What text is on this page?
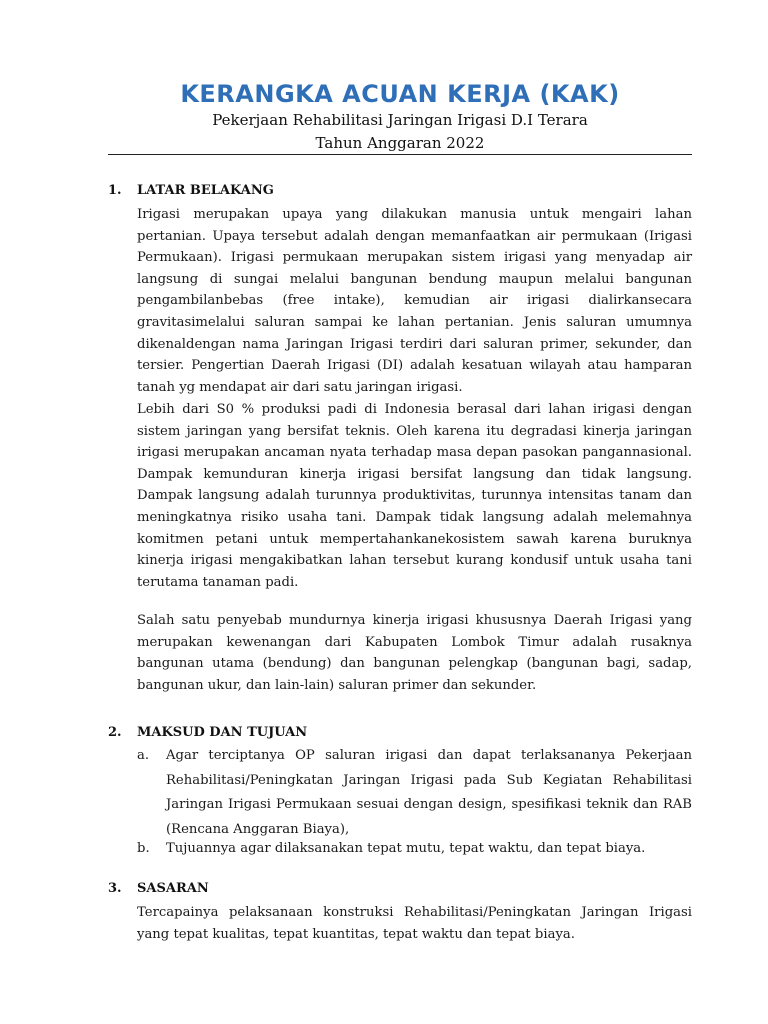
KERANGKA ACUAN KERJA (KAK)
Pekerjaan Rehabilitasi Jaringan Irigasi D.I Terara
Tahun Anggaran 2022
1. LATAR BELAKANG
Irigasi merupakan upaya yang dilakukan manusia untuk mengairi lahan pertanian. Upaya tersebut adalah dengan memanfaatkan air permukaan (Irigasi Permukaan). Irigasi permukaan merupakan sistem irigasi yang menyadap air langsung di sungai melalui bangunan bendung maupun melalui bangunan pengambilanbebas (free intake), kemudian air irigasi dialirkansecara gravitasimelalui saluran sampai ke lahan pertanian. Jenis saluran umumnya dikenaldengan nama Jaringan Irigasi terdiri dari saluran primer, sekunder, dan tersier. Pengertian Daerah Irigasi (DI) adalah kesatuan wilayah atau hamparan tanah yg mendapat air dari satu jaringan irigasi.
Lebih dari S0 % produksi padi di Indonesia berasal dari lahan irigasi dengan sistem jaringan yang bersifat teknis. Oleh karena itu degradasi kinerja jaringan irigasi merupakan ancaman nyata terhadap masa depan pasokan pangannasional. Dampak kemunduran kinerja irigasi bersifat langsung dan tidak langsung. Dampak langsung adalah turunnya produktivitas, turunnya intensitas tanam dan meningkatnya risiko usaha tani. Dampak tidak langsung adalah melemahnya komitmen petani untuk mempertahankanekosistem sawah karena buruknya kinerja irigasi mengakibatkan lahan tersebut kurang kondusif untuk usaha tani terutama tanaman padi.
Salah satu penyebab mundurnya kinerja irigasi khususnya Daerah Irigasi yang merupakan kewenangan dari Kabupaten Lombok Timur adalah rusaknya bangunan utama (bendung) dan bangunan pelengkap (bangunan bagi, sadap, bangunan ukur, dan lain-lain) saluran primer dan sekunder.
2. MAKSUD DAN TUJUAN
a. Agar terciptanya OP saluran irigasi dan dapat terlaksananya Pekerjaan Rehabilitasi/Peningkatan Jaringan Irigasi pada Sub Kegiatan Rehabilitasi Jaringan Irigasi Permukaan sesuai dengan design, spesifikasi teknik dan RAB (Rencana Anggaran Biaya),
b. Tujuannya agar dilaksanakan tepat mutu, tepat waktu, dan tepat biaya.
3. SASARAN
Tercapainya pelaksanaan konstruksi Rehabilitasi/Peningkatan Jaringan Irigasi yang tepat kualitas, tepat kuantitas, tepat waktu dan tepat biaya.
